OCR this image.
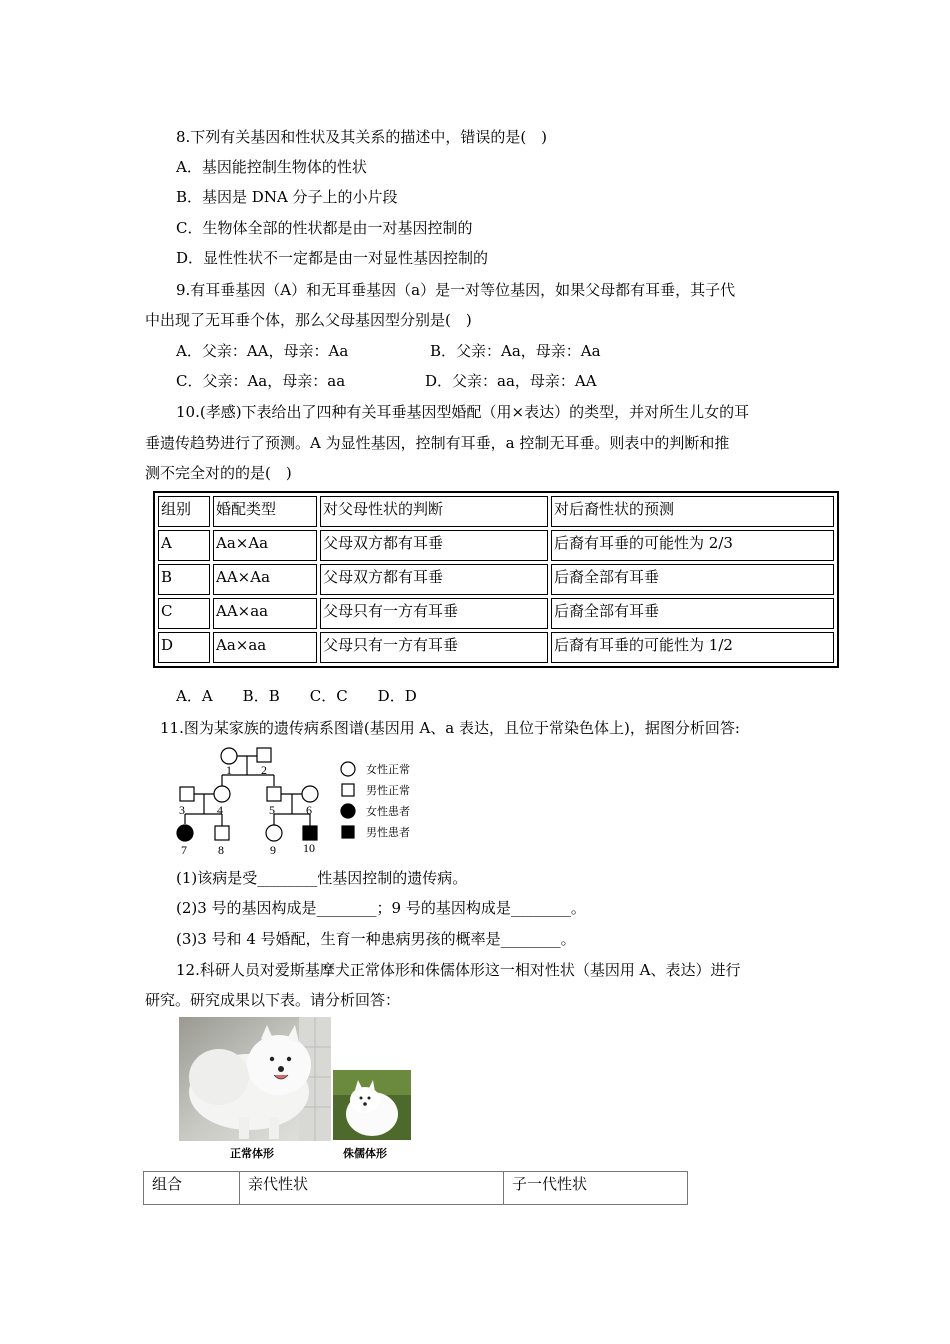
8.下列有关基因和性状及其关系的描述中，错误的是(　)
A．基因能控制生物体的性状
B．基因是 DNA 分子上的小片段
C．生物体全部的性状都是由一对基因控制的
D．显性性状不一定都是由一对显性基因控制的
9.有耳垂基因（A）和无耳垂基因（a）是一对等位基因，如果父母都有耳垂，其子代
中出现了无耳垂个体，那么父母基因型分别是(　)
A．父亲：AA，母亲：Aa	B．父亲：Aa，母亲：Aa
C．父亲：Aa，母亲：aa	D．父亲：aa，母亲：AA
10.(孝感)下表给出了四种有关耳垂基因型婚配（用×表达）的类型，并对所生儿女的耳
垂遗传趋势进行了预测。A 为显性基因，控制有耳垂，a 控制无耳垂。则表中的判断和推
测不完全对的的是(　)
组别	婚配类型	对父母性状的判断	对后裔性状的预测
A	Aa×Aa	父母双方都有耳垂	后裔有耳垂的可能性为 2/3
B	AA×Aa	父母双方都有耳垂	后裔全部有耳垂
C	AA×aa	父母只有一方有耳垂	后裔全部有耳垂
D	Aa×aa	父母只有一方有耳垂	后裔有耳垂的可能性为 1/2
A．A　　B．B　　C．C　　D．D
11.图为某家族的遗传病系图谱(基因用 A、a 表达，且位于常染色体上)，据图分析回答:
1 2
3	4	5	6
7	8	9 10
女性正常
男性正常
女性患者
男性患者
(1)该病是受________性基因控制的遗传病。
(2)3 号的基因构成是________；9 号的基因构成是________。
(3)3 号和 4 号婚配，生育一种患病男孩的概率是________。
12.科研人员对爱斯基摩犬正常体形和侏儒体形这一相对性状（基因用 A、表达）进行
研究。研究成果以下表。请分析回答：
正常体形	侏儒体形
组合	亲代性状	子一代性状
